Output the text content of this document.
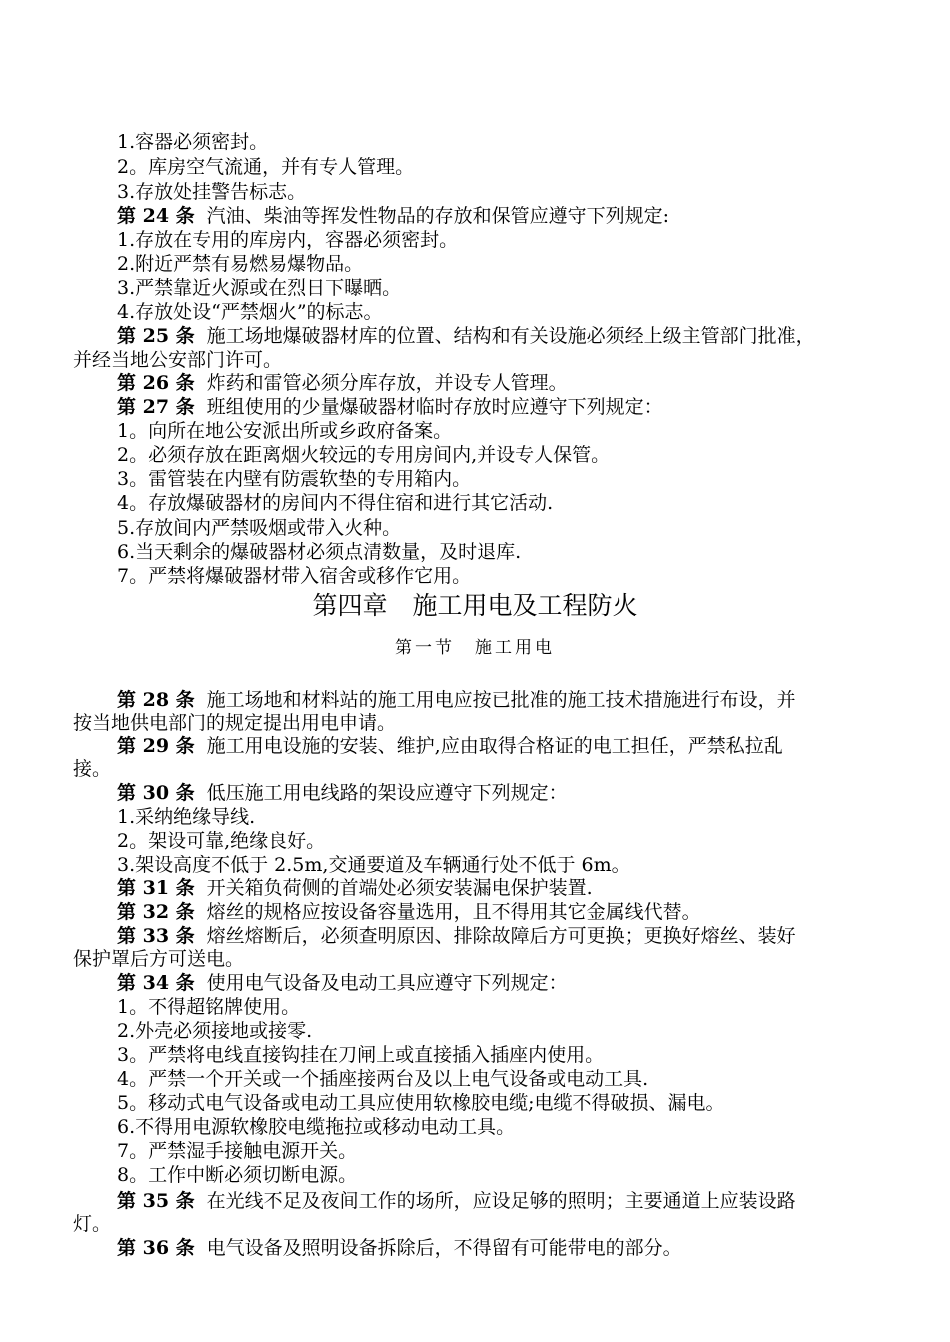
1.容器必须密封。
2。库房空气流通，并有专人管理。
3.存放处挂警告标志。
第 24 条 汽油、柴油等挥发性物品的存放和保管应遵守下列规定:
1.存放在专用的库房内，容器必须密封。
2.附近严禁有易燃易爆物品。
3.严禁靠近火源或在烈日下曝晒。
4.存放处设“严禁烟火”的标志。
第 25 条 施工场地爆破器材库的位置、结构和有关设施必须经上级主管部门批准，
并经当地公安部门许可。
第 26 条 炸药和雷管必须分库存放，并设专人管理。
第 27 条 班组使用的少量爆破器材临时存放时应遵守下列规定：
1。向所在地公安派出所或乡政府备案。
2。必须存放在距离烟火较远的专用房间内,并设专人保管。
3。雷管装在内壁有防震软垫的专用箱内。
4。存放爆破器材的房间内不得住宿和进行其它活动.
5.存放间内严禁吸烟或带入火种。
6.当天剩余的爆破器材必须点清数量，及时退库.
7。严禁将爆破器材带入宿舍或移作它用。
第四章　施工用电及工程防火
第一节　施工用电
第 28 条 施工场地和材料站的施工用电应按已批准的施工技术措施进行布设，并
按当地供电部门的规定提出用电申请。
第 29 条 施工用电设施的安装、维护,应由取得合格证的电工担任，严禁私拉乱
接。
第 30 条 低压施工用电线路的架设应遵守下列规定：
1.采纳绝缘导线.
2。架设可靠,绝缘良好。
3.架设高度不低于 2.5m,交通要道及车辆通行处不低于 6m。
第 31 条 开关箱负荷侧的首端处必须安装漏电保护装置.
第 32 条 熔丝的规格应按设备容量选用，且不得用其它金属线代替。
第 33 条 熔丝熔断后，必须查明原因、排除故障后方可更换；更换好熔丝、装好
保护罩后方可送电。
第 34 条 使用电气设备及电动工具应遵守下列规定：
1。不得超铭牌使用。
2.外壳必须接地或接零.
3。严禁将电线直接钩挂在刀闸上或直接插入插座内使用。
4。严禁一个开关或一个插座接两台及以上电气设备或电动工具.
5。移动式电气设备或电动工具应使用软橡胶电缆;电缆不得破损、漏电。
6.不得用电源软橡胶电缆拖拉或移动电动工具。
7。严禁湿手接触电源开关。
8。工作中断必须切断电源。
第 35 条 在光线不足及夜间工作的场所，应设足够的照明；主要通道上应装设路
灯。
第 36 条 电气设备及照明设备拆除后，不得留有可能带电的部分。
